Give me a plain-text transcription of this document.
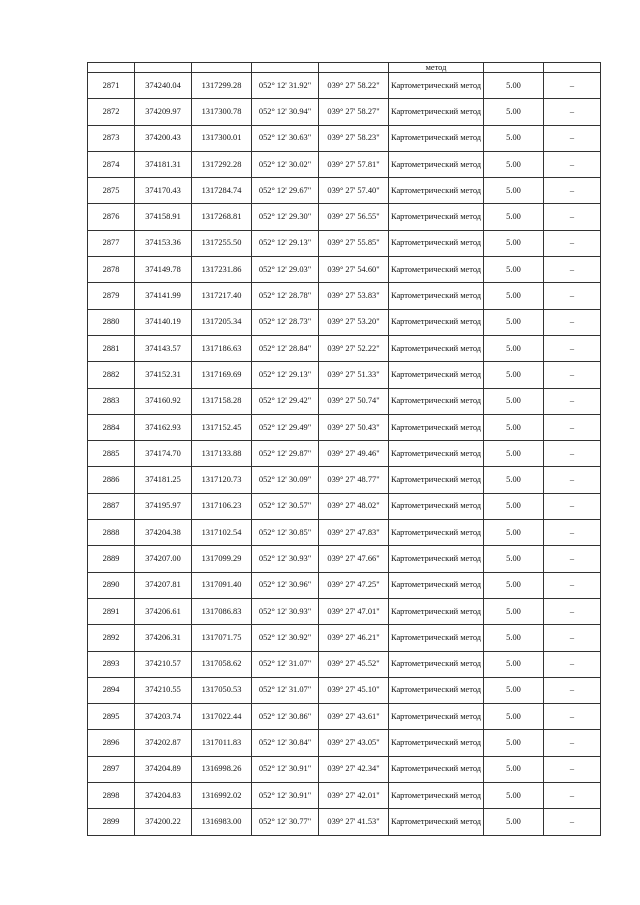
					метод		
2871	374240.04	1317299.28	052° 12' 31.92"	039° 27' 58.22"	Картометрический метод	5.00	–
2872	374209.97	1317300.78	052° 12' 30.94"	039° 27' 58.27"	Картометрический метод	5.00	–
2873	374200.43	1317300.01	052° 12' 30.63"	039° 27' 58.23"	Картометрический метод	5.00	–
2874	374181.31	1317292.28	052° 12' 30.02"	039° 27' 57.81"	Картометрический метод	5.00	–
2875	374170.43	1317284.74	052° 12' 29.67"	039° 27' 57.40"	Картометрический метод	5.00	–
2876	374158.91	1317268.81	052° 12' 29.30"	039° 27' 56.55"	Картометрический метод	5.00	–
2877	374153.36	1317255.50	052° 12' 29.13"	039° 27' 55.85"	Картометрический метод	5.00	–
2878	374149.78	1317231.86	052° 12' 29.03"	039° 27' 54.60"	Картометрический метод	5.00	–
2879	374141.99	1317217.40	052° 12' 28.78"	039° 27' 53.83"	Картометрический метод	5.00	–
2880	374140.19	1317205.34	052° 12' 28.73"	039° 27' 53.20"	Картометрический метод	5.00	–
2881	374143.57	1317186.63	052° 12' 28.84"	039° 27' 52.22"	Картометрический метод	5.00	–
2882	374152.31	1317169.69	052° 12' 29.13"	039° 27' 51.33"	Картометрический метод	5.00	–
2883	374160.92	1317158.28	052° 12' 29.42"	039° 27' 50.74"	Картометрический метод	5.00	–
2884	374162.93	1317152.45	052° 12' 29.49"	039° 27' 50.43"	Картометрический метод	5.00	–
2885	374174.70	1317133.88	052° 12' 29.87"	039° 27' 49.46"	Картометрический метод	5.00	–
2886	374181.25	1317120.73	052° 12' 30.09"	039° 27' 48.77"	Картометрический метод	5.00	–
2887	374195.97	1317106.23	052° 12' 30.57"	039° 27' 48.02"	Картометрический метод	5.00	–
2888	374204.38	1317102.54	052° 12' 30.85"	039° 27' 47.83"	Картометрический метод	5.00	–
2889	374207.00	1317099.29	052° 12' 30.93"	039° 27' 47.66"	Картометрический метод	5.00	–
2890	374207.81	1317091.40	052° 12' 30.96"	039° 27' 47.25"	Картометрический метод	5.00	–
2891	374206.61	1317086.83	052° 12' 30.93"	039° 27' 47.01"	Картометрический метод	5.00	–
2892	374206.31	1317071.75	052° 12' 30.92"	039° 27' 46.21"	Картометрический метод	5.00	–
2893	374210.57	1317058.62	052° 12' 31.07"	039° 27' 45.52"	Картометрический метод	5.00	–
2894	374210.55	1317050.53	052° 12' 31.07"	039° 27' 45.10"	Картометрический метод	5.00	–
2895	374203.74	1317022.44	052° 12' 30.86"	039° 27' 43.61"	Картометрический метод	5.00	–
2896	374202.87	1317011.83	052° 12' 30.84"	039° 27' 43.05"	Картометрический метод	5.00	–
2897	374204.89	1316998.26	052° 12' 30.91"	039° 27' 42.34"	Картометрический метод	5.00	–
2898	374204.83	1316992.02	052° 12' 30.91"	039° 27' 42.01"	Картометрический метод	5.00	–
2899	374200.22	1316983.00	052° 12' 30.77"	039° 27' 41.53"	Картометрический метод	5.00	–
